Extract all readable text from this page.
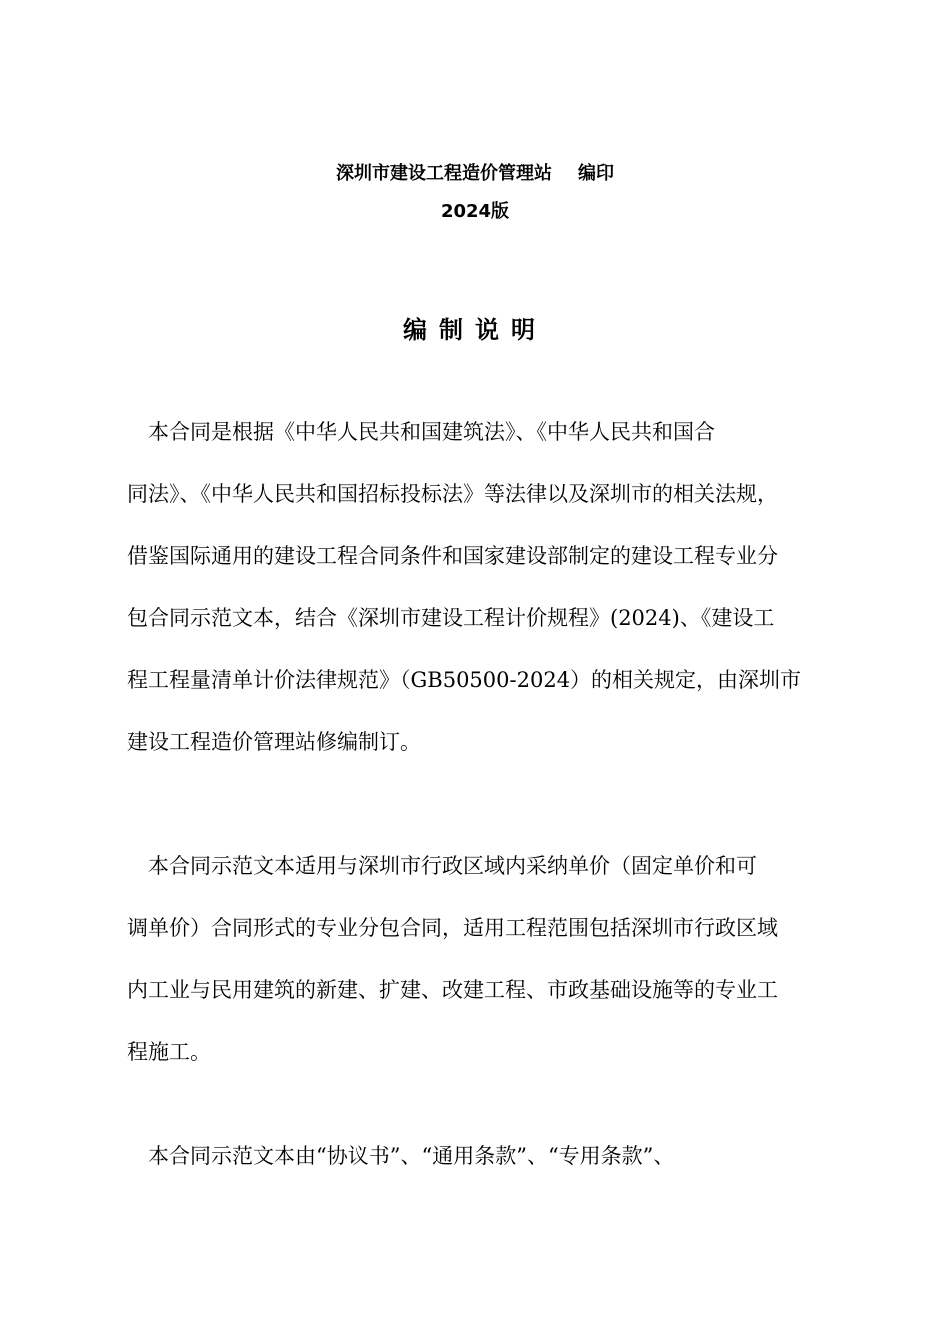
深圳市建设工程造价管理站 编印
2024版
编制说明

　本合同是根据《中华人民共和国建筑法》、《中华人民共和国合
同法》、《中华人民共和国招标投标法》等法律以及深圳市的相关法规，
借鉴国际通用的建设工程合同条件和国家建设部制定的建设工程专业分
包合同示范文本，结合《深圳市建设工程计价规程》(2024)、《建设工
程工程量清单计价法律规范》（GB50500-2024）的相关规定，由深圳市
建设工程造价管理站修编制订。

　本合同示范文本适用与深圳市行政区域内采纳单价（固定单价和可
调单价）合同形式的专业分包合同，适用工程范围包括深圳市行政区域
内工业与民用建筑的新建、扩建、改建工程、市政基础设施等的专业工
程施工。

　本合同示范文本由“协议书”、“通用条款”、“专用条款”、
